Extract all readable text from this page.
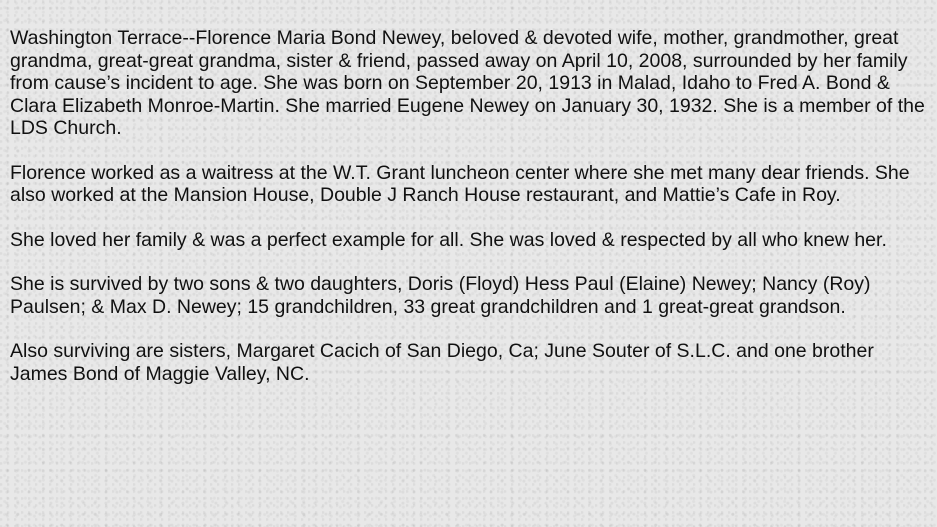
Washington Terrace--Florence Maria Bond Newey, beloved & devoted wife, mother, grandmother, great grandma, great-great grandma, sister & friend, passed away on April 10, 2008, surrounded by her family from cause’s incident to age. She was born on September 20, 1913 in Malad, Idaho to Fred A. Bond & Clara Elizabeth Monroe-Martin. She married Eugene Newey on January 30, 1932. She is a member of the LDS Church.

Florence worked as a waitress at the W.T. Grant luncheon center where she met many dear friends. She also worked at the Mansion House, Double J Ranch House restaurant, and Mattie’s Cafe in Roy.

She loved her family & was a perfect example for all. She was loved & respected by all who knew her.

She is survived by two sons & two daughters, Doris (Floyd) Hess Paul (Elaine) Newey; Nancy (Roy) Paulsen; & Max D. Newey; 15 grandchildren, 33 great grandchildren and 1 great-great grandson.

Also surviving are sisters, Margaret Cacich of San Diego, Ca; June Souter of S.L.C. and one brother James Bond of Maggie Valley, NC.
